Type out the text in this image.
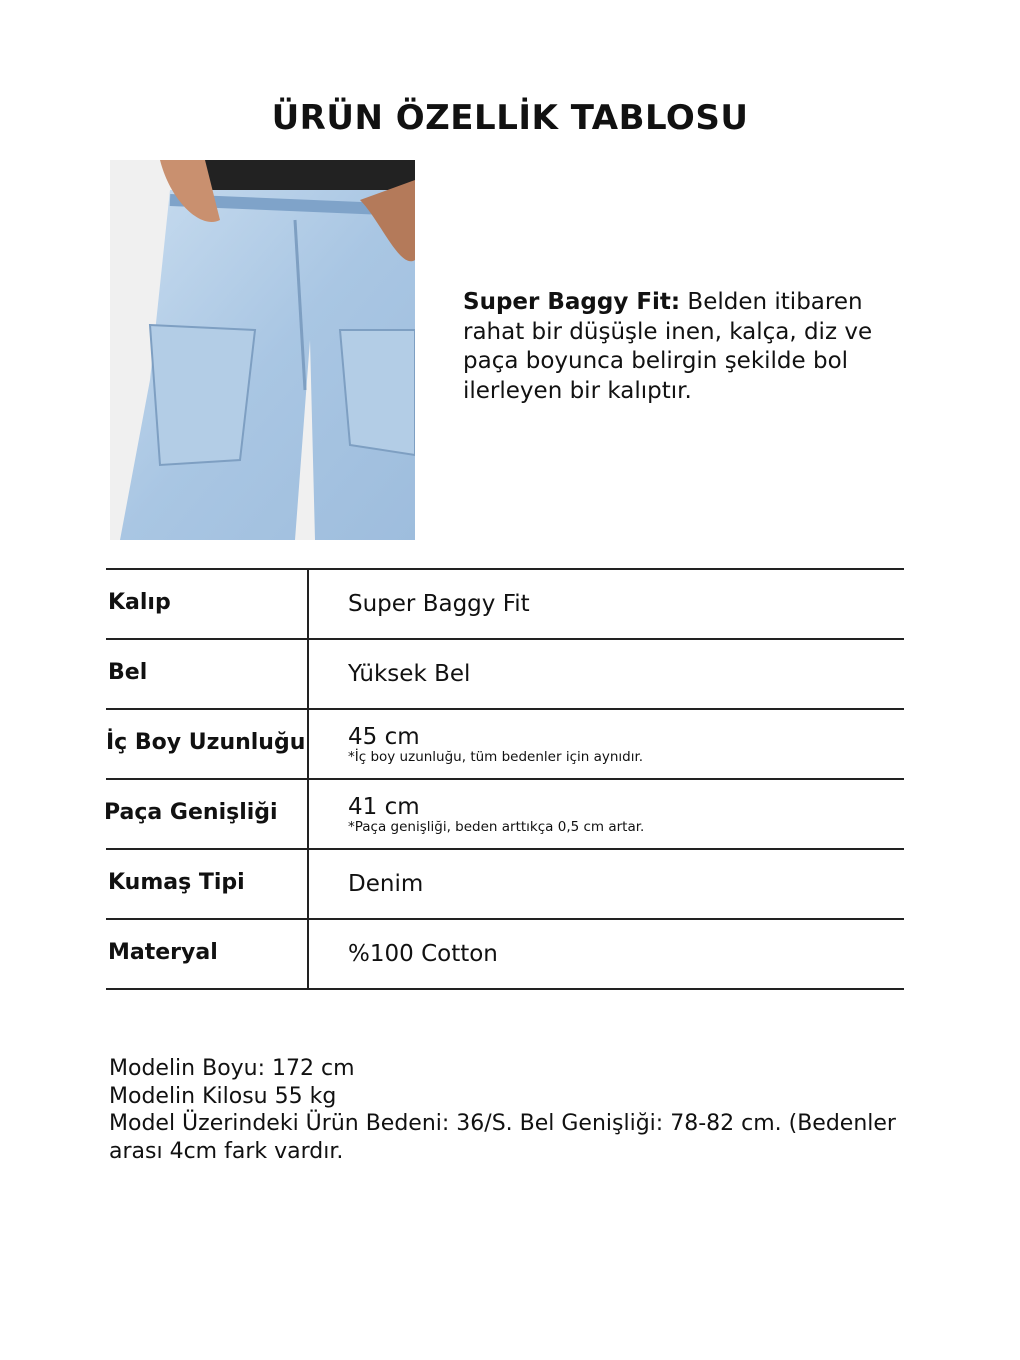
ÜRÜN ÖZELLİK TABLOSU
Super Baggy Fit: Belden itibaren rahat bir düşüşle inen, kalça, diz ve paça boyunca belirgin şekilde bol ilerleyen bir kalıptır.
Kalıp	Super Baggy Fit
Bel	Yüksek Bel
İç Boy Uzunluğu 45 cm
*İç boy uzunluğu, tüm bedenler için aynıdır.
Paça Genişliği	41 cm
*Paça genişliği, beden arttıkça 0,5 cm artar.
Kumaş Tipi	Denim
Materyal	%100 Cotton
Modelin Boyu: 172 cm
Modelin Kilosu 55 kg
Model Üzerindeki Ürün Bedeni: 36/S. Bel Genişliği: 78-82 cm. (Bedenler arası 4cm fark vardır.
